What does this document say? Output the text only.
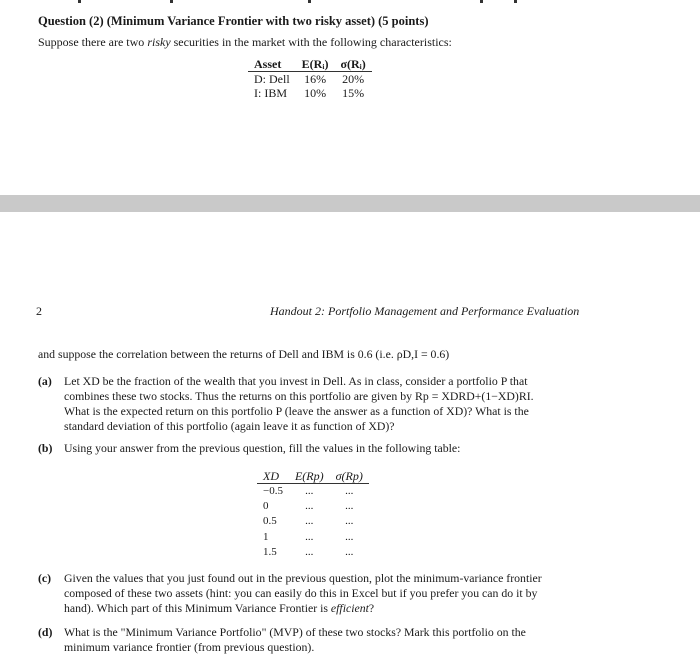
Question (2) (Minimum Variance Frontier with two risky asset) (5 points)
Suppose there are two risky securities in the market with the following characteristics:
Asset	E(Rᵢ)	σ(Rᵢ)
D: Dell	16%	20%
I: IBM	10%	15%
2	Handout 2: Portfolio Management and Performance Evaluation
and suppose the correlation between the returns of Dell and IBM is 0.6 (i.e. ρD,I = 0.6)
(a) Let XD be the fraction of the wealth that you invest in Dell. As in class, consider a portfolio P that
combines these two stocks. Thus the returns on this portfolio are given by Rp = XDRD+(1−XD)RI.
What is the expected return on this portfolio P (leave the answer as a function of XD)? What is the
standard deviation of this portfolio (again leave it as function of XD)?
(b) Using your answer from the previous question, fill the values in the following table:
XD	E(Rp)	σ(Rp)
−0.5	...	...
0	...	...
0.5	...	...
1	...	...
1.5	...	...
(c) Given the values that you just found out in the previous question, plot the minimum-variance frontier
composed of these two assets (hint: you can easily do this in Excel but if you prefer you can do it by
hand). Which part of this Minimum Variance Frontier is efficient?
(d) What is the "Minimum Variance Portfolio" (MVP) of these two stocks? Mark this portfolio on the
minimum variance frontier (from previous question).
